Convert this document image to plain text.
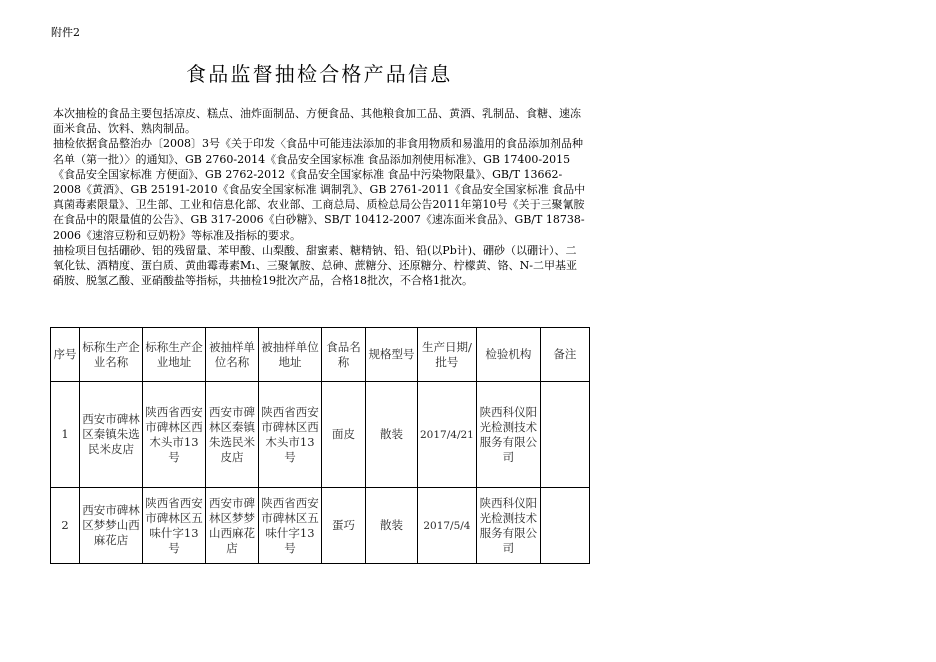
附件2
食品监督抽检合格产品信息

本次抽检的食品主要包括凉皮、糕点、油炸面制品、方便食品、其他粮食加工品、黄酒、乳制品、食糖、速冻面米食品、饮料、熟肉制品。

抽检依据食品整治办〔2008〕3号《关于印发〈食品中可能违法添加的非食用物质和易滥用的食品添加剂品种名单（第一批）〉的通知》、GB 2760-2014《食品安全国家标准 食品添加剂使用标准》、GB 17400-2015《食品安全国家标准 方便面》、GB 2762-2012《食品安全国家标准 食品中污染物限量》、GB/T 13662-2008《黄酒》、GB 25191-2010《食品安全国家标准 调制乳》、GB 2761-2011《食品安全国家标准 食品中真菌毒素限量》、卫生部、工业和信息化部、农业部、工商总局、质检总局公告2011年第10号《关于三聚氰胺在食品中的限量值的公告》、GB 317-2006《白砂糖》、SB/T 10412-2007《速冻面米食品》、GB/T 18738-2006《速溶豆粉和豆奶粉》等标准及指标的要求。

抽检项目包括硼砂、铝的残留量、苯甲酸、山梨酸、甜蜜素、糖精钠、铅、铅(以Pb计)、硼砂（以硼计）、二氧化钛、酒精度、蛋白质、黄曲霉毒素M₁、三聚氰胺、总砷、蔗糖分、还原糖分、柠檬黄、铬、N-二甲基亚硝胺、脱氢乙酸、亚硝酸盐等指标，共抽检19批次产品，合格18批次，不合格1批次。

序号	标称生产企业名称	标称生产企业地址	被抽样单位名称	被抽样单位地址	食品名称	规格型号	生产日期/批号	检验机构	备注
1	西安市碑林区秦镇朱选民米皮店	陕西省西安市碑林区西木头市13号	西安市碑林区秦镇朱选民米皮店	陕西省西安市碑林区西木头市13号	面皮	散装	2017/4/21	陕西科仪阳光检测技术服务有限公司	
2	西安市碑林区梦梦山西麻花店	陕西省西安市碑林区五味什字13号	西安市碑林区梦梦山西麻花店	陕西省西安市碑林区五味什字13号	蛋巧	散装	2017/5/4	陕西科仪阳光检测技术服务有限公司	
